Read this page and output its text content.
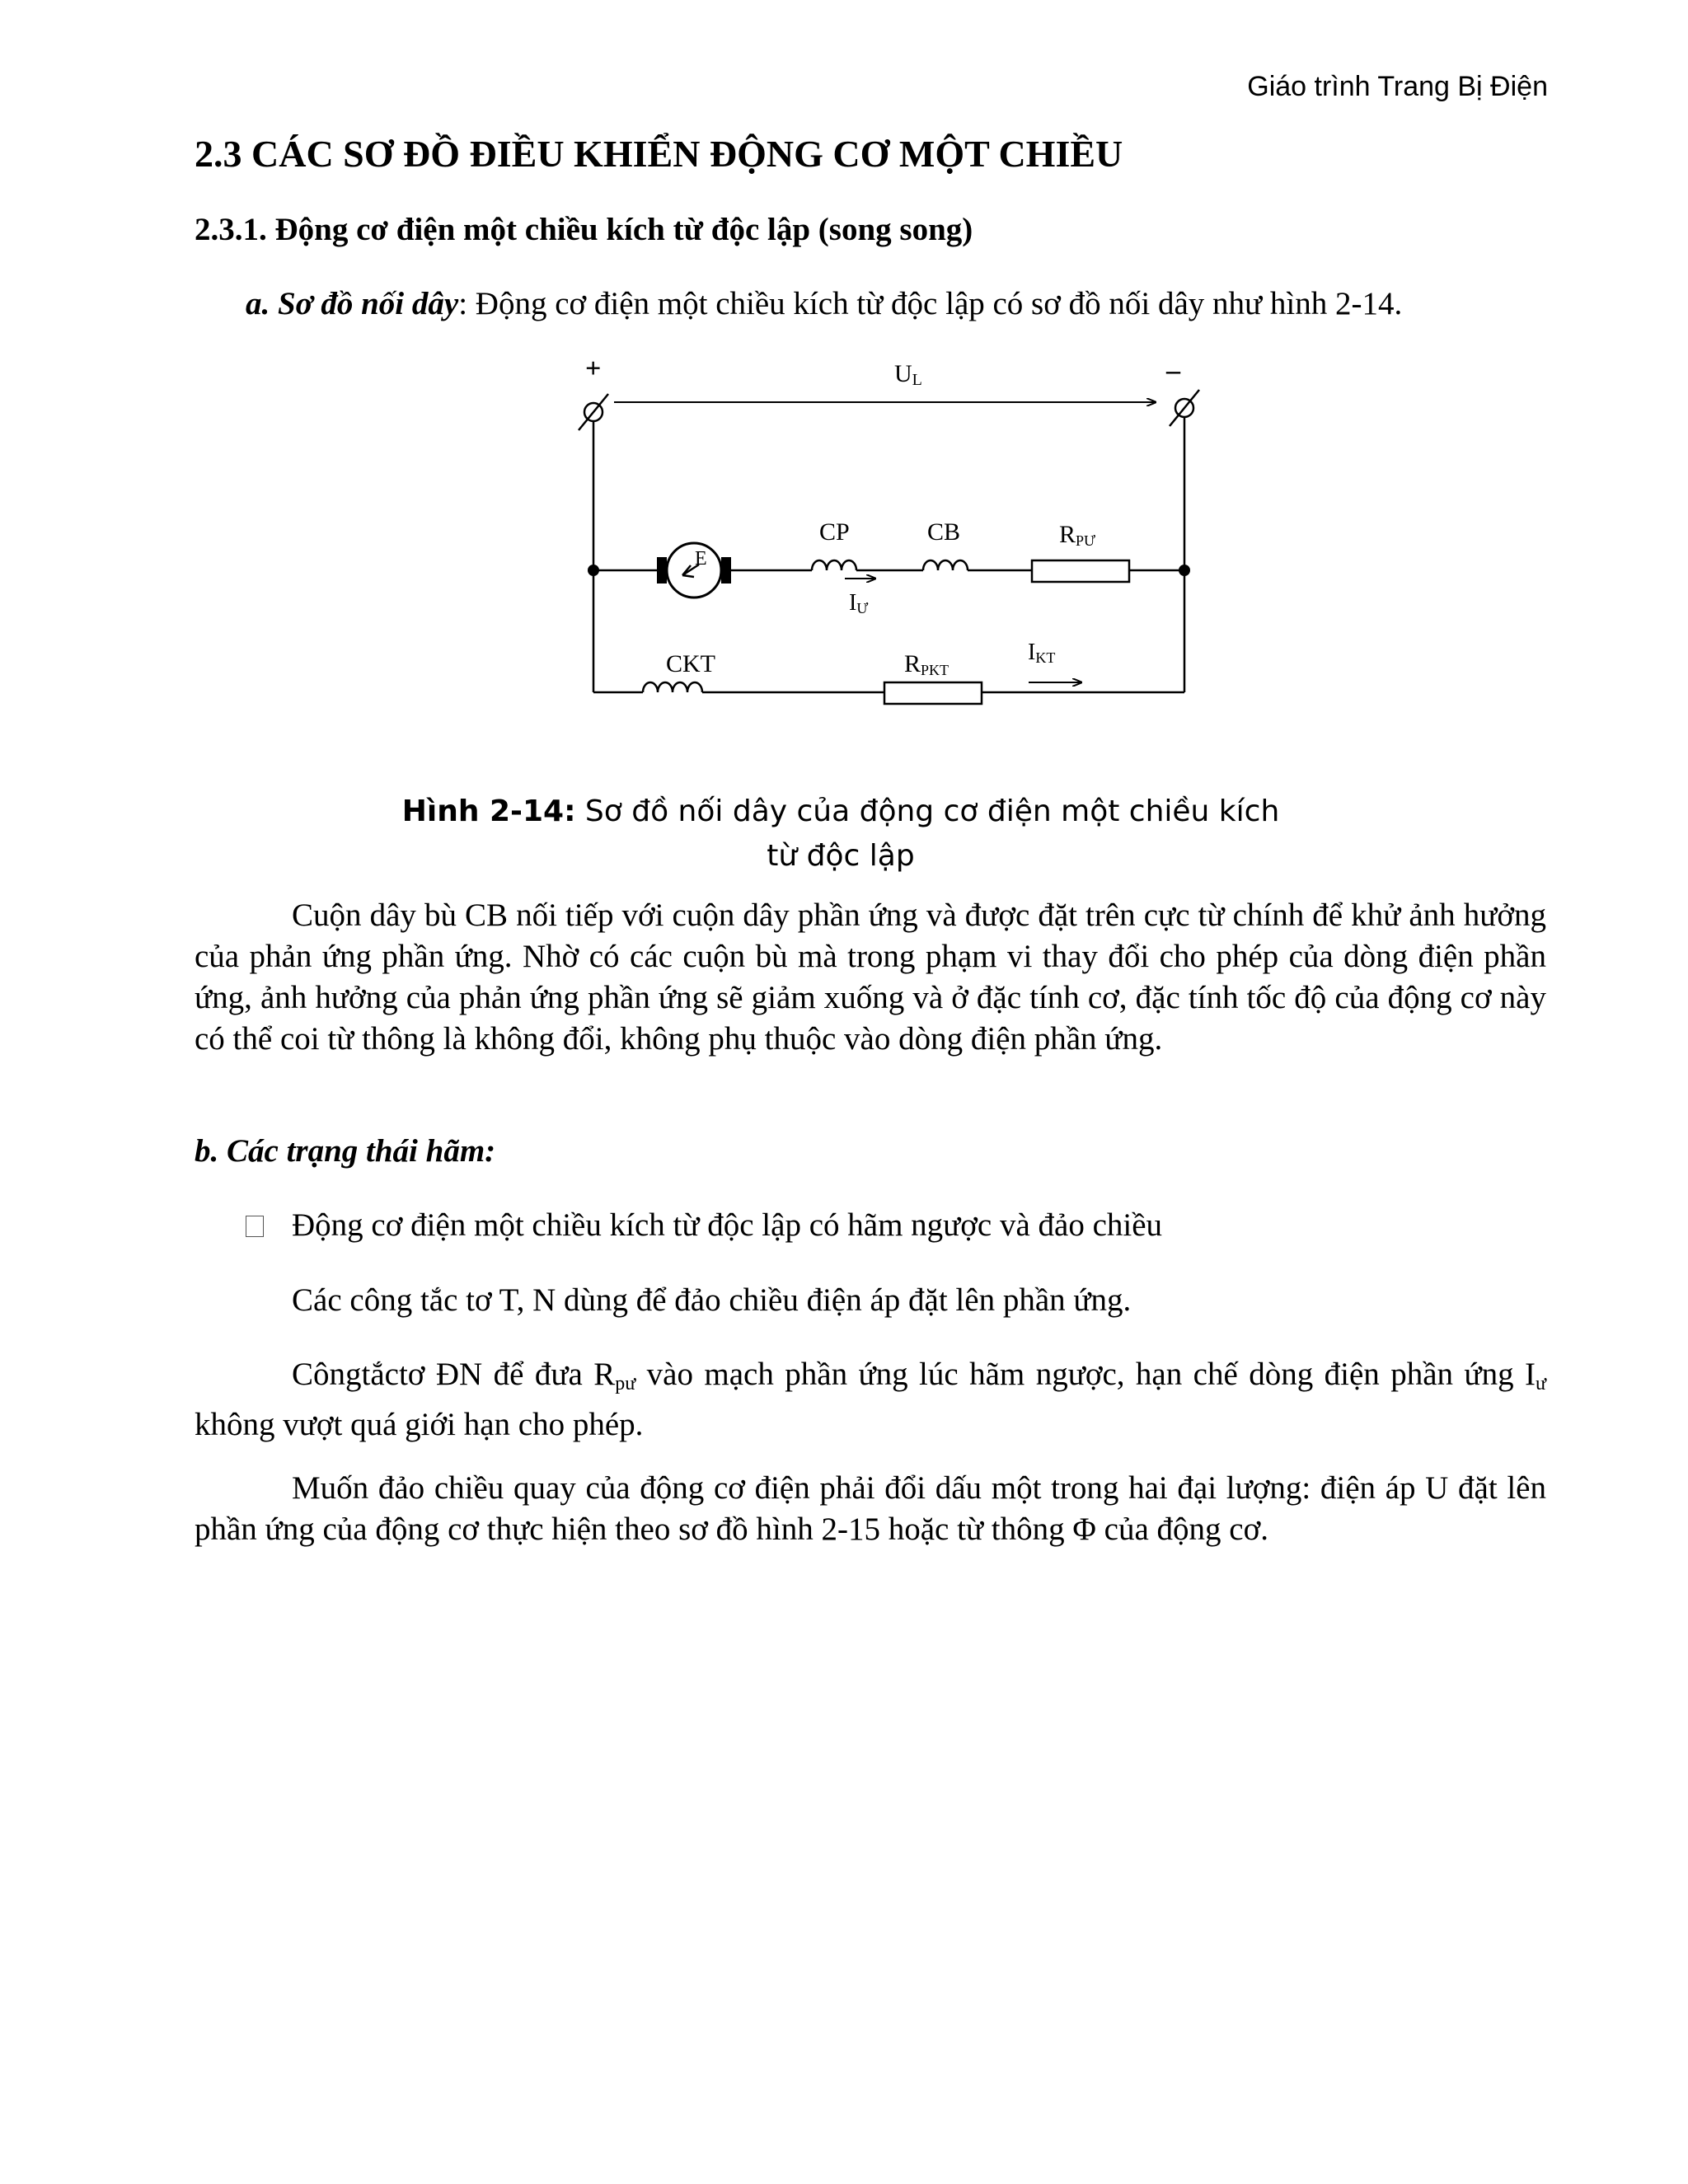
Giáo trình Trang Bị Điện
2.3 CÁC SƠ ĐỒ ĐIỀU KHIỂN ĐỘNG CƠ MỘT CHIỀU
2.3.1. Động cơ điện một chiều kích từ độc lập (song song)

a. Sơ đồ nối dây: Động cơ điện một chiều kích từ độc lập có sơ đồ nối dây như hình 2-14.

+	–
UL
E
CP
IƯ
CB	RPƯ
CKT	RPKT
IKT
Hình 2-14: Sơ đồ nối dây của động cơ điện một chiều kích
từ độc lập

Cuộn dây bù CB nối tiếp với cuộn dây phần ứng và được đặt trên cực từ chính để khử ảnh hưởng của phản ứng phần ứng. Nhờ có các cuộn bù mà trong phạm vi thay đổi cho phép của dòng điện phần ứng, ảnh hưởng của phản ứng phần ứng sẽ giảm xuống và ở đặc tính cơ, đặc tính tốc độ của động cơ này có thể coi từ thông là không đổi, không phụ thuộc vào dòng điện phần ứng.

b. Các trạng thái hãm:

Động cơ điện một chiều kích từ độc lập có hãm ngược và đảo chiều

Các công tắc tơ T, N dùng để đảo chiều điện áp đặt lên phần ứng.

Côngtắctơ ĐN để đưa $R_{pư}$ vào mạch phần ứng lúc hãm ngược, hạn chế dòng điện phần ứng $I_ư$ không vượt quá giới hạn cho phép.

Muốn đảo chiều quay của động cơ điện phải đổi dấu một trong hai đại lượng: điện áp U đặt lên phần ứng của động cơ thực hiện theo sơ đồ hình 2-15 hoặc từ thông Φ của động cơ.
